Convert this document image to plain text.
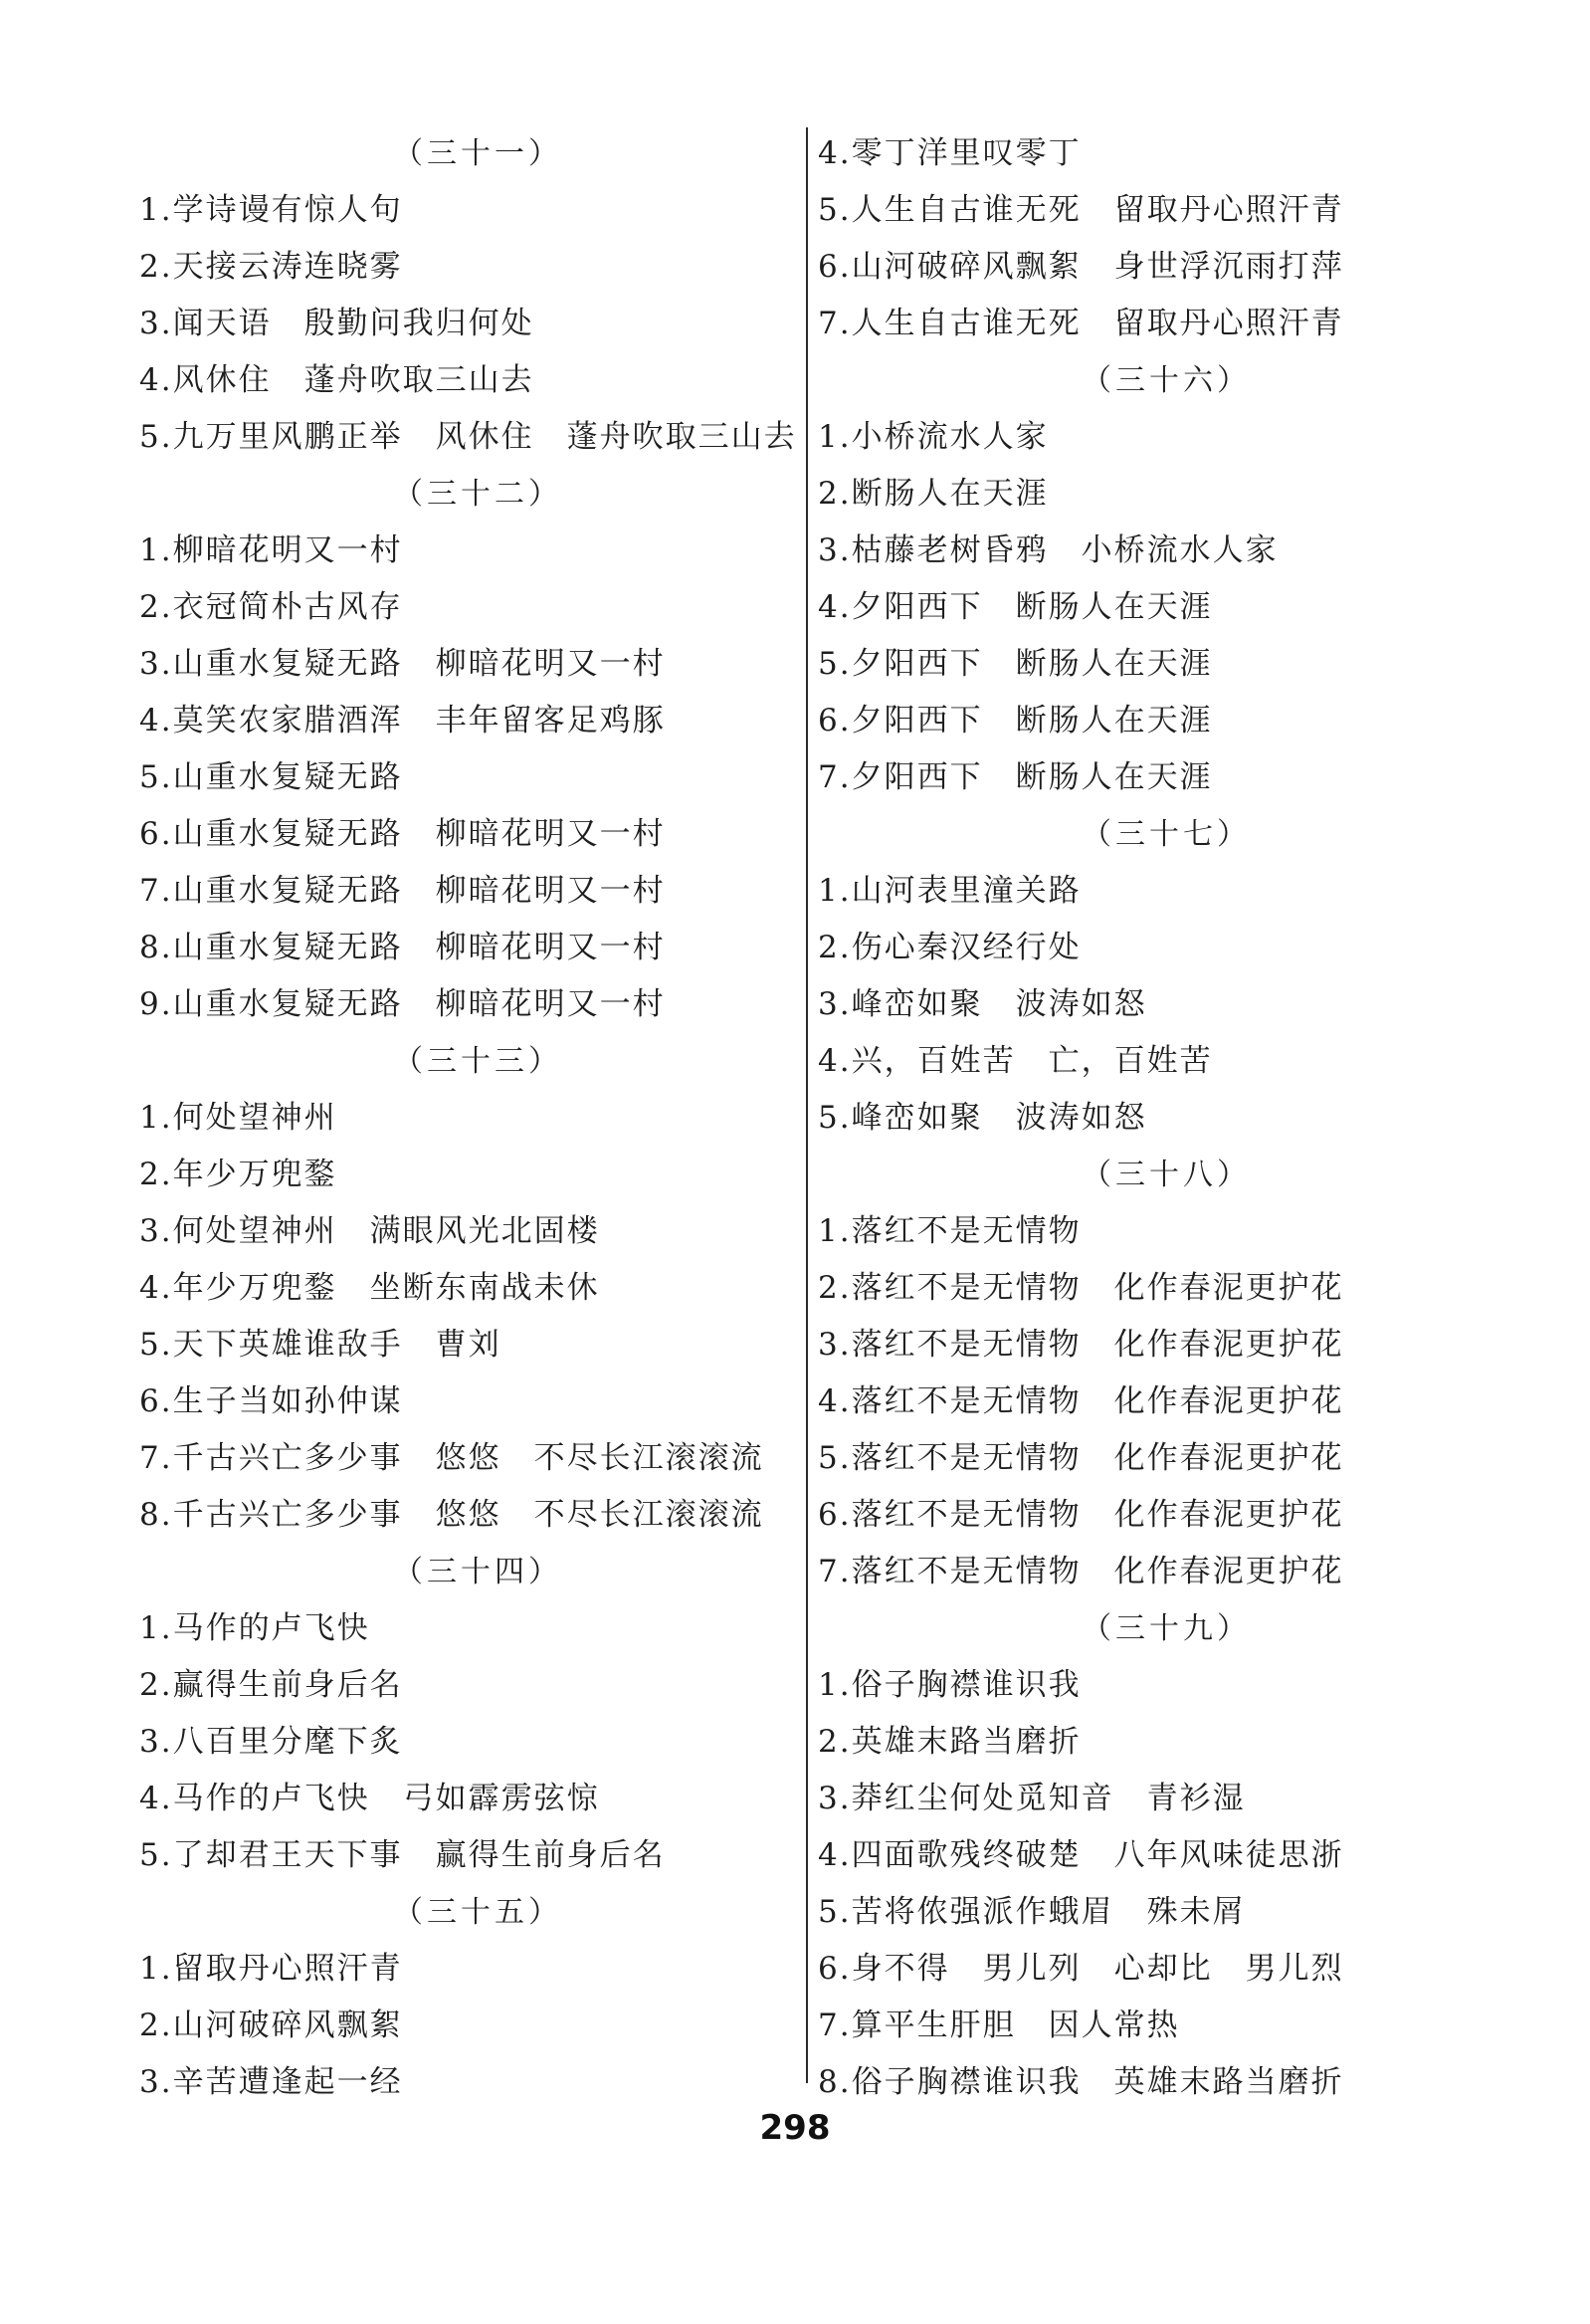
（三十一）
1.学诗谩有惊人句
2.天接云涛连晓雾
3.闻天语　殷勤问我归何处
4.风休住　蓬舟吹取三山去
5.九万里风鹏正举　风休住　蓬舟吹取三山去
（三十二）
1.柳暗花明又一村
2.衣冠简朴古风存
3.山重水复疑无路　柳暗花明又一村
4.莫笑农家腊酒浑　丰年留客足鸡豚
5.山重水复疑无路
6.山重水复疑无路　柳暗花明又一村
7.山重水复疑无路　柳暗花明又一村
8.山重水复疑无路　柳暗花明又一村
9.山重水复疑无路　柳暗花明又一村
（三十三）
1.何处望神州
2.年少万兜鍪
3.何处望神州　满眼风光北固楼
4.年少万兜鍪　坐断东南战未休
5.天下英雄谁敌手　曹刘
6.生子当如孙仲谋
7.千古兴亡多少事　悠悠　不尽长江滚滚流
8.千古兴亡多少事　悠悠　不尽长江滚滚流
（三十四）
1.马作的卢飞快
2.赢得生前身后名
3.八百里分麾下炙
4.马作的卢飞快　弓如霹雳弦惊
5.了却君王天下事　赢得生前身后名
（三十五）
1.留取丹心照汗青
2.山河破碎风飘絮
3.辛苦遭逢起一经
4.零丁洋里叹零丁
5.人生自古谁无死　留取丹心照汗青
6.山河破碎风飘絮　身世浮沉雨打萍
7.人生自古谁无死　留取丹心照汗青
（三十六）
1.小桥流水人家
2.断肠人在天涯
3.枯藤老树昏鸦　小桥流水人家
4.夕阳西下　断肠人在天涯
5.夕阳西下　断肠人在天涯
6.夕阳西下　断肠人在天涯
7.夕阳西下　断肠人在天涯
（三十七）
1.山河表里潼关路
2.伤心秦汉经行处
3.峰峦如聚　波涛如怒
4.兴，百姓苦　亡，百姓苦
5.峰峦如聚　波涛如怒
（三十八）
1.落红不是无情物
2.落红不是无情物　化作春泥更护花
3.落红不是无情物　化作春泥更护花
4.落红不是无情物　化作春泥更护花
5.落红不是无情物　化作春泥更护花
6.落红不是无情物　化作春泥更护花
7.落红不是无情物　化作春泥更护花
（三十九）
1.俗子胸襟谁识我
2.英雄末路当磨折
3.莽红尘何处觅知音　青衫湿
4.四面歌残终破楚　八年风味徒思浙
5.苦将侬强派作蛾眉　殊未屑
6.身不得　男儿列　心却比　男儿烈
7.算平生肝胆　因人常热
8.俗子胸襟谁识我　英雄末路当磨折
298
